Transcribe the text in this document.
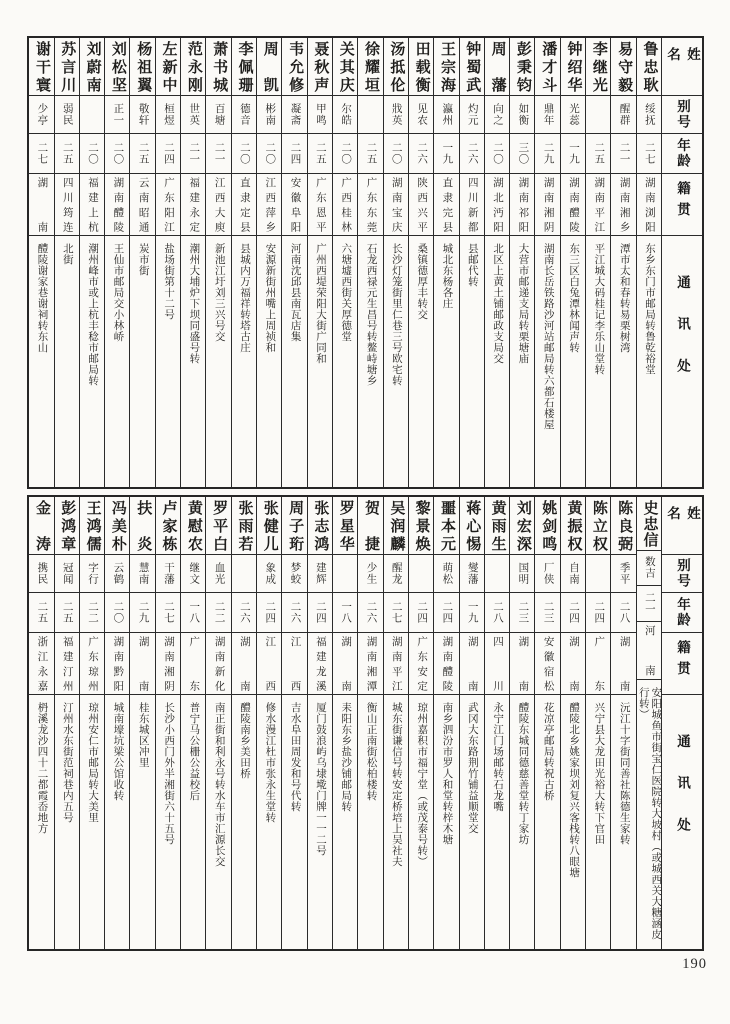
姓名
别号
年龄
籍贯
通讯处
鲁忠耿
绥抚
二七
湖南浏阳
东乡东门市邮局转鲁乾裕堂
易守毅
醒群
二一
湖南湘乡
潭市太和春转易栗树湾
李继光
二五
湖南平江
平江城大码桂记李乐山堂转
钟绍华
光蕊
一九
湖南醴陵
东三区白兔潭林闻声转
潘才斗
鼎年
二九
湖南湘阴
湖南长岳铁路沙河站邮局转六都石楼屋
彭秉钧
如衡
三〇
湖南祁阳
大营市邮递支局转栗塘庙
周藩
向之
二〇
湖北沔阳
北区上黄土铺邮政支局交
钟蜀武
灼元
二六
四川新都
县邮代转
王宗海
瀛州
一九
直隶完县
城北东杨各庄
田载衡
见农
二六
陕西兴平
桑镇德厚丰转交
汤抵伦
戕英
二〇
湖南宝庆
长沙灯笼街里仁巷三号欧宅转
徐耀垣
二五
广东东莞
石龙西禄元生昌号转鳌峙塘乡
关其庆
尔皓
二〇
广西桂林
六塘墟西街关厚德堂
聂秋声
甲鸣
二五
广东恩平
广州西堤荣阳大街广同和
韦允修
凝斋
二四
安徽阜阳
河南沈邱县南瓦店集
周凯
彬南
二〇
江西萍乡
安源新街州嘴上周祯和
李佩珊
德音
二〇
直隶定县
县城内万福祥转塔古庄
萧书城
百塘
二一
江西大庾
新池江圩刘三兴号交
范永刚
世英
二一
福建永定
潮州大埔炉下坝同盛号转
左新中
桓煜
二四
广东阳江
盐场街第十二号
杨祖翼
敬轩
二五
云南昭通
炭市街
刘松坚
正一
二〇
湖南醴陵
王仙市邮局交小林峤
刘蔚南
二〇
福建上杭
潮州峰市或上杭丰稔市邮局转
苏言川
弱民
二五
四川筠连
北街
谢干寰
少亭
二七
湖南
醴陵谢家巷谢祠转东山
姓名
别号
年龄
籍贯
通讯处
史忠信
数吉
二一
河南
安阳城鱼市街宝仁医院转大坡村（或城西关大糖涵皮行转）
陈良弼
季平
二八
湖南
沅江十字街同善社陈德生家转
陈立权
二四
广东
兴宁县大龙田光裕大转下官田
黄振权
自南
二四
湖南
醴陵北乡姚家坝刘复兴客栈转八眼塘
姚剑鸣
厂侠
二三
安徽宿松
花凉亭邮局转祝古桥
刘宏深
国明
二三
湖南
醴陵东城同德慈善堂转丁家坊
黄雨生
二八
四川
永宁江门场邮转石龙嘴
蒋心惕
燮藩
一九
湖南
武冈大东路荆竹铺益顺堂交
噩本元
萌松
二四
湖南醴陵
南乡泗汾市罗人和堂转梓木塘
黎景焕
二四
广东安定
琼州嘉积市福宁堂（或茂泰号转）
吴润麟
醒龙
二七
湖南平江
城东街谦信号转安定桥培上吴社夫
贺捷
少生
二六
湖南湘潭
衡山正南街松柏楼转
罗星华
一八
湖南
耒阳东乡盐沙铺邮局转
张志鸿
建辉
二四
福建龙溪
厦门鼓浪屿乌埭墘门牌一一二号
周子珩
梦蛟
二六
江西
吉水阜田周发和号代转
张健儿
象成
二四
江西
修水漫江杜市张永生堂转
张雨若
二六
湖南
醴陵南乡美田桥
罗平白
血光
二二
湖南新化
南正街和利永号转水车市汇源长交
黄慰农
继文
一八
广东
普宁马公栅公益校后
卢家栋
干藩
二七
湖南湘阴
长沙小西门外半湘街六十五号
扶炎
慧南
二九
湖南
桂东城区冲里
冯美朴
云鹤
二〇
湖南黔阳
城南壕坑梁公馆收转
王鸿儒
字行
二二
广东琼州
琼州安仁市邮局转大美里
彭鸿章
冠闻
二五
福建汀州
汀州水东街范祠巷内五号
金涛
携民
二五
浙江永嘉
枬溪龙沙四十二都霞岙地方
190
